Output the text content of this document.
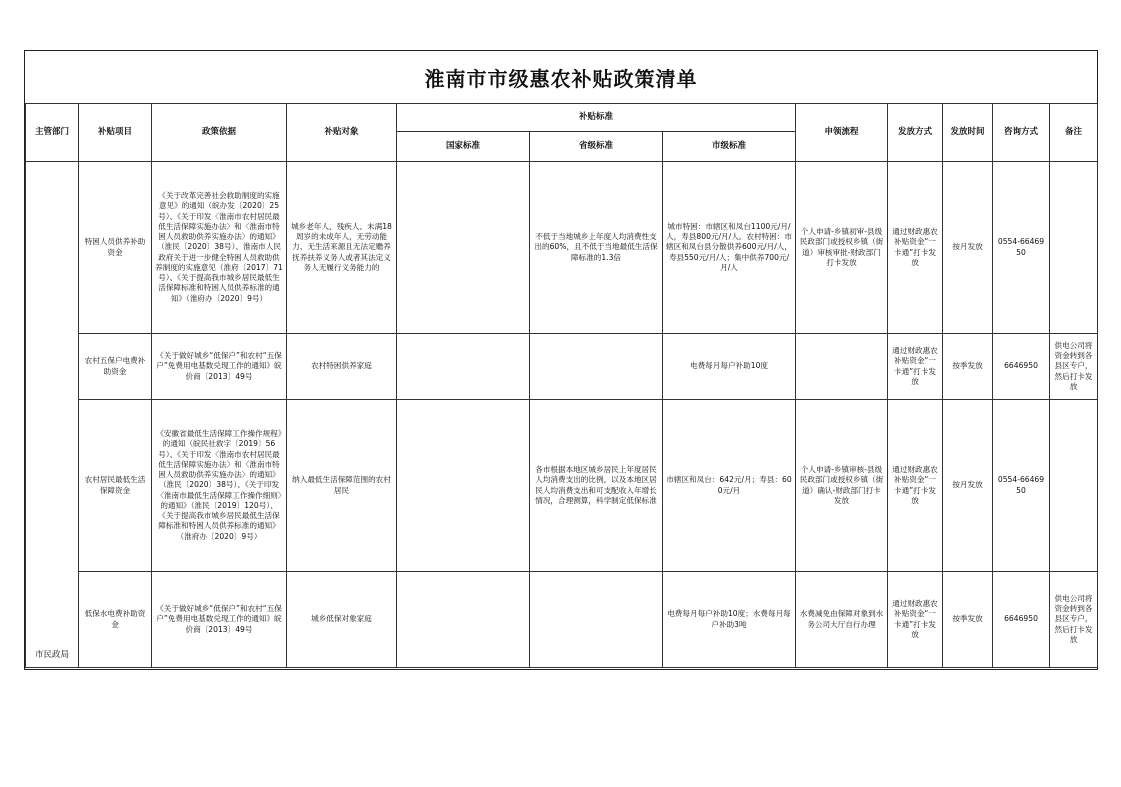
淮南市市级惠农补贴政策清单
主管部门	补贴项目	政策依据	补贴对象	补贴标准			申领流程	发放方式	发放时间	咨询方式	备注
				国家标准	省级标准	市级标准					
市民政局	特困人员供养补助资金	《关于改革完善社会救助制度的实施意见》的通知（皖办发〔2020〕25号）、《关于印发〈淮南市农村居民最低生活保障实施办法〉和〈淮南市特困人员救助供养实施办法〉的通知》（淮民〔2020〕38号）、淮南市人民政府关于进一步健全特困人员救助供养制度的实施意见（淮府〔2017〕71号）、《关于提高我市城乡居民最低生活保障标准和特困人员供养标准的通知》（淮府办〔2020〕9号）	城乡老年人、残疾人、未满18周岁的未成年人，无劳动能力、无生活来源且无法定赡养抚养扶养义务人或者其法定义务人无履行义务能力的		不低于当地城乡上年度人均消费性支出的60%，且不低于当地最低生活保障标准的1.3倍	城市特困：市辖区和凤台1100元/月/人，寿县800元/月/人。农村特困：市辖区和凤台县分散供养600元/月/人，寿县550元/月/人；集中供养700元/月/人	个人申请-乡镇初审-县级民政部门或授权乡镇（街道）审核审批-财政部门打卡发放	通过财政惠农补贴资金“一卡通”打卡发放	按月发放	0554-6646950	
	农村五保户电费补助资金	《关于做好城乡“低保户”和农村“五保户”免费用电基数兑现工作的通知》皖价商〔2013〕49号	农村特困供养家庭			电费每月每户补助10度		通过财政惠农补贴资金“一卡通”打卡发放	按季发放	6646950	供电公司将资金转到各县区专户，然后打卡发放
	农村居民最低生活保障资金	《安徽省最低生活保障工作操作规程》的通知（皖民社救字〔2019〕56号）、《关于印发〈淮南市农村居民最低生活保障实施办法〉和〈淮南市特困人员救助供养实施办法〉的通知》（淮民〔2020〕38号）、《关于印发〈淮南市最低生活保障工作操作细则〉的通知》（淮民〔2019〕120号）、《关于提高我市城乡居民最低生活保障标准和特困人员供养标准的通知》（淮府办〔2020〕9号）	纳入最低生活保障范围的农村居民		各市根据本地区城乡居民上年度居民人均消费支出的比例，以及本地区居民人均消费支出和可支配收入年增长情况，合理测算，科学制定低保标准	市辖区和凤台：642元/月；寿县：600元/月	个人申请-乡镇审核-县级民政部门或授权乡镇（街道）确认-财政部门打卡发放	通过财政惠农补贴资金“一卡通”打卡发放	按月发放	0554-6646950	
	低保水电费补助资金	《关于做好城乡“低保户”和农村“五保户”免费用电基数兑现工作的通知》皖价商〔2013〕49号	城乡低保对象家庭			电费每月每户补助10度；水费每月每户补助3吨	水费减免由保障对象到水务公司大厅自行办理	通过财政惠农补贴资金“一卡通”打卡发放	按季发放	6646950	供电公司将资金转到各县区专户，然后打卡发放
